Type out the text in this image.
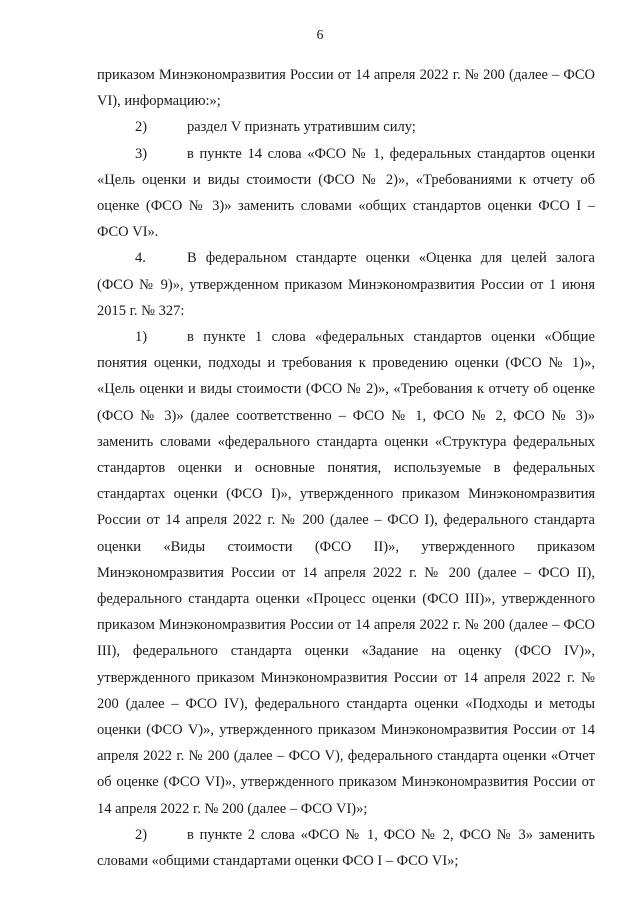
6

приказом Минэкономразвития России от 14 апреля 2022 г. № 200 (далее – ФСО VI), информацию:»;

2)	раздел V признать утратившим силу;

3)	в пункте 14 слова «ФСО № 1, федеральных стандартов оценки «Цель оценки и виды стоимости (ФСО № 2)», «Требованиями к отчету об оценке (ФСО № 3)» заменить словами «общих стандартов оценки ФСО I – ФСО VI».

4.	В федеральном стандарте оценки «Оценка для целей залога (ФСО № 9)», утвержденном приказом Минэкономразвития России от 1 июня 2015 г. № 327:

1)	в пункте 1 слова «федеральных стандартов оценки «Общие понятия оценки, подходы и требования к проведению оценки (ФСО № 1)», «Цель оценки и виды стоимости (ФСО № 2)», «Требования к отчету об оценке (ФСО № 3)» (далее соответственно – ФСО № 1, ФСО № 2, ФСО № 3)» заменить словами «федерального стандарта оценки «Структура федеральных стандартов оценки и основные понятия, используемые в федеральных стандартах оценки (ФСО I)», утвержденного приказом Минэкономразвития России от 14 апреля 2022 г. № 200 (далее – ФСО I), федерального стандарта оценки «Виды стоимости (ФСО II)», утвержденного приказом Минэкономразвития России от 14 апреля 2022 г. № 200 (далее – ФСО II), федерального стандарта оценки «Процесс оценки (ФСО III)», утвержденного приказом Минэкономразвития России от 14 апреля 2022 г. № 200 (далее – ФСО III), федерального стандарта оценки «Задание на оценку (ФСО IV)», утвержденного приказом Минэкономразвития России от 14 апреля 2022 г. № 200 (далее – ФСО IV), федерального стандарта оценки «Подходы и методы оценки (ФСО V)», утвержденного приказом Минэкономразвития России от 14 апреля 2022 г. № 200 (далее – ФСО V), федерального стандарта оценки «Отчет об оценке (ФСО VI)», утвержденного приказом Минэкономразвития России от 14 апреля 2022 г. № 200 (далее – ФСО VI)»;

2)	в пункте 2 слова «ФСО № 1, ФСО № 2, ФСО № 3» заменить словами «общими стандартами оценки ФСО I – ФСО VI»;
